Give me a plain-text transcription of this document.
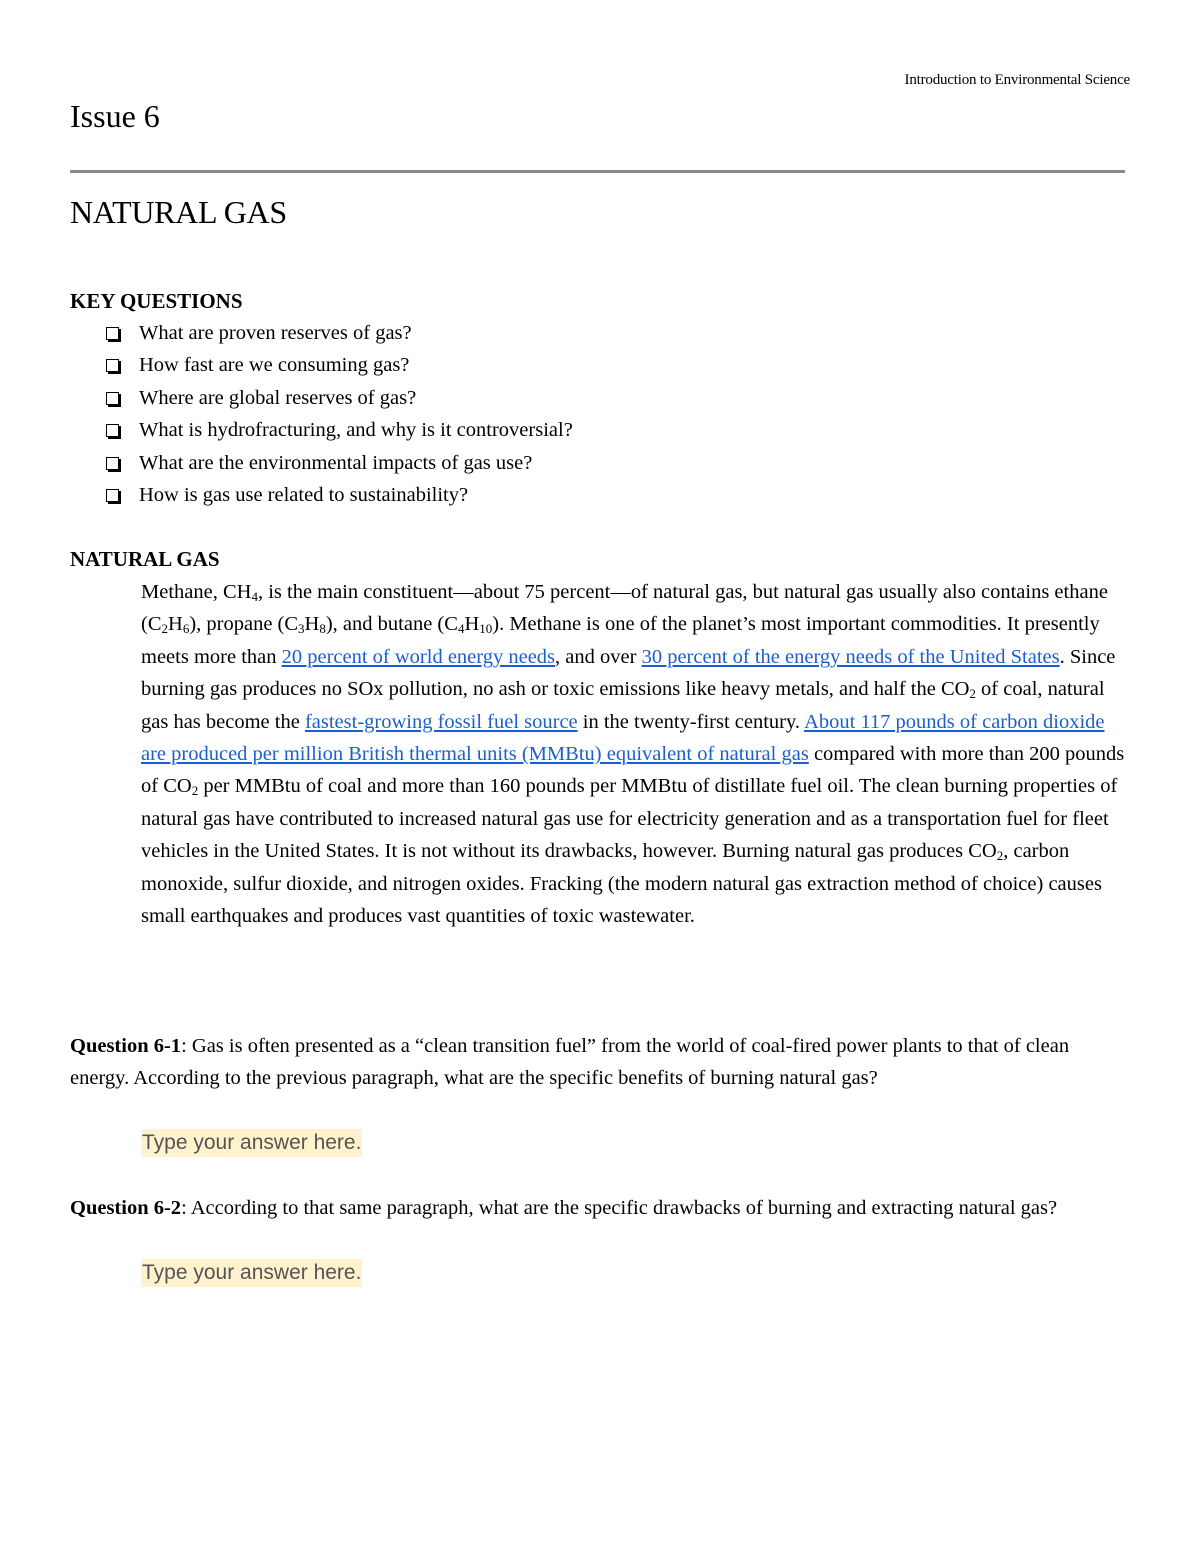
Introduction to Environmental Science
Issue 6
NATURAL GAS
KEY QUESTIONS
What are proven reserves of gas?
How fast are we consuming gas?
Where are global reserves of gas?
What is hydrofracturing, and why is it controversial?
What are the environmental impacts of gas use?
How is gas use related to sustainability?
NATURAL GAS

Methane, $CH_4$, is the main constituent—about 75 percent—of natural gas, but natural gas usually also contains ethane $(C_2H_6)$, propane $(C_3H_8)$, and butane $(C_4H_{10})$. Methane is one of the planet’s most important commodities. It presently meets more than 20 percent of world energy needs, and over 30 percent of the energy needs of the United States. Since burning gas produces no SOx pollution, no ash or toxic emissions like heavy metals, and half the $CO_2$ of coal, natural gas has become the fastest-growing fossil fuel source in the twenty-first century. About 117 pounds of carbon dioxide are produced per million British thermal units (MMBtu) equivalent of natural gas compared with more than 200 pounds of $CO_2$ per MMBtu of coal and more than 160 pounds per MMBtu of distillate fuel oil. The clean burning properties of natural gas have contributed to increased natural gas use for electricity generation and as a transportation fuel for fleet vehicles in the United States. It is not without its drawbacks, however. Burning natural gas produces $CO_2$, carbon monoxide, sulfur dioxide, and nitrogen oxides. Fracking (the modern natural gas extraction method of choice) causes small earthquakes and produces vast quantities of toxic wastewater.

Question 6-1: Gas is often presented as a “clean transition fuel” from the world of coal-fired power plants to that of clean energy. According to the previous paragraph, what are the specific benefits of burning natural gas?

Type your answer here.

Question 6-2: According to that same paragraph, what are the specific drawbacks of burning and extracting natural gas?

Type your answer here.
